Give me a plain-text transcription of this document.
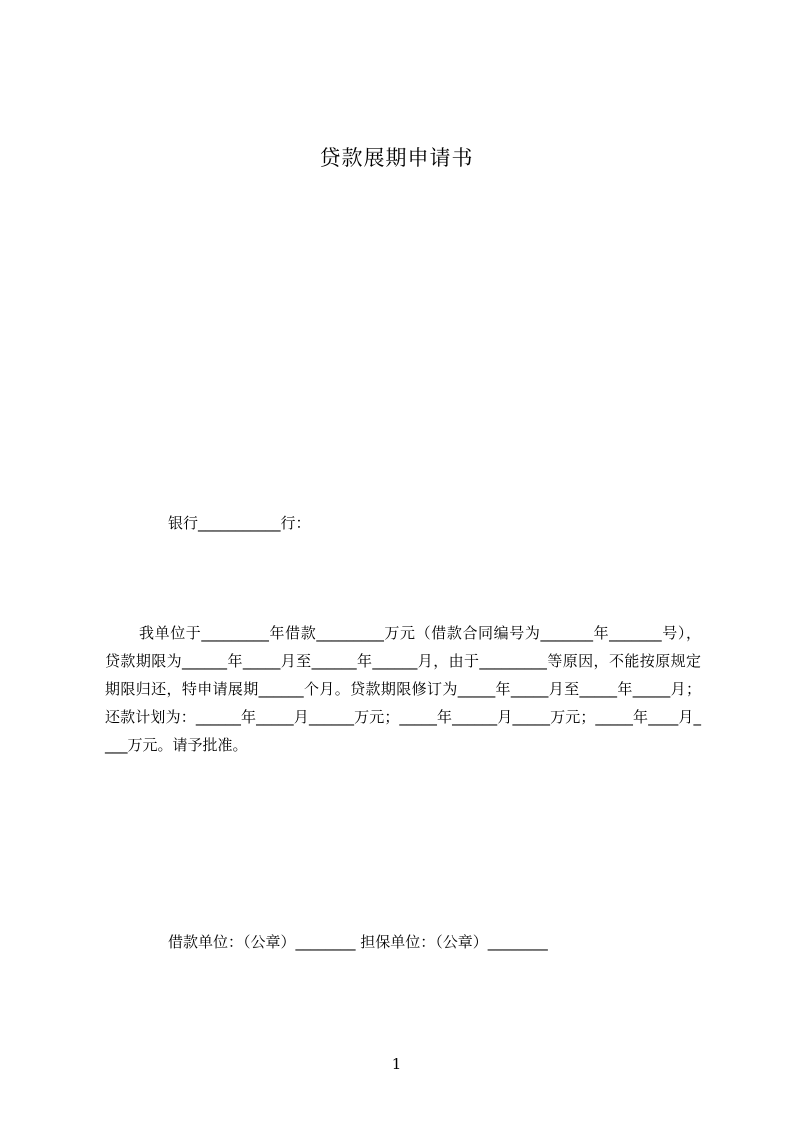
贷款展期申请书
银行___________行：
我单位于_________年借款_________万元（借款合同编号为_______年_______号），贷款期限为______年_____月至______年______月，由于_________等原因，不能按原规定期限归还，特申请展期______个月。贷款期限修订为_____年_____月至_____年_____月；还款计划为：______年_____月______万元；_____年______月_____万元；_____年____月____万元。请予批准。
借款单位：（公章）________ 担保单位：（公章）________
1
